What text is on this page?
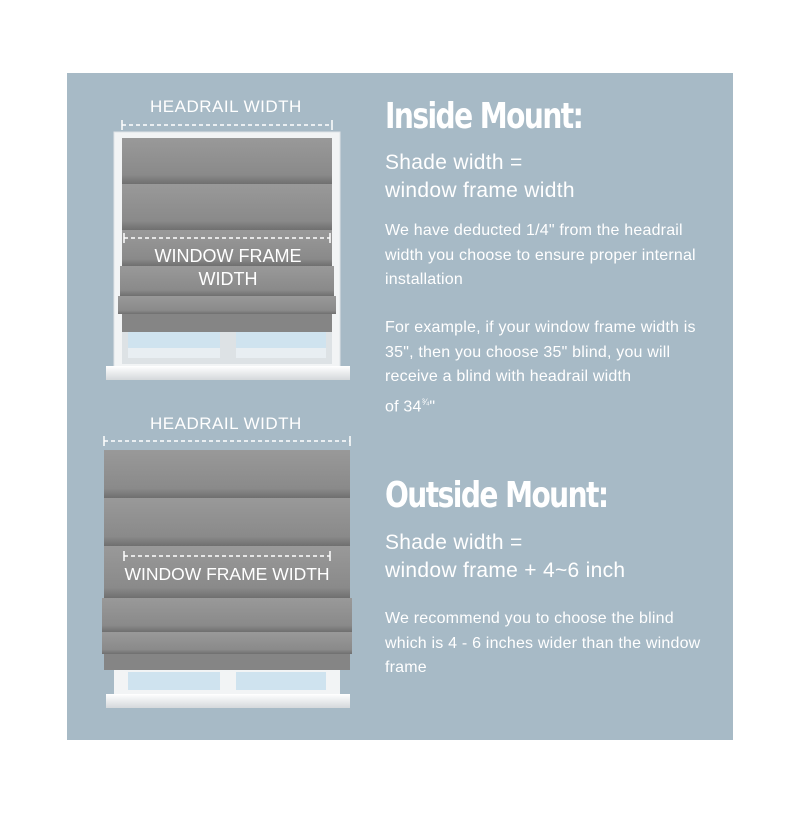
HEADRAIL WIDTH
WINDOW FRAME
WIDTH
HEADRAIL WIDTH
WINDOW FRAME WIDTH
Inside Mount:
Shade width =
window frame width
We have deducted 1/4" from the headrail width you choose to ensure proper internal installation
For example, if your window frame width is 35", then you choose 35" blind, you will receive a blind with headrail width
of $34^{\frac{3}{4}}$"
Outside Mount:
Shade width =
window frame + 4~6 inch
We recommend you to choose the blind which is 4 - 6 inches wider than the window frame
